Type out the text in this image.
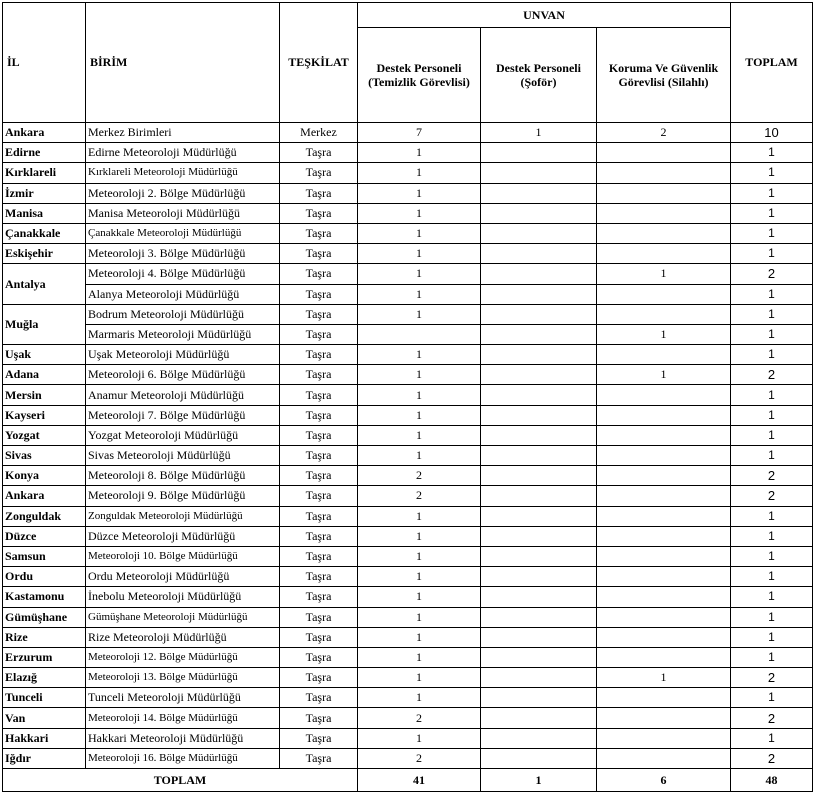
İL	BİRİM	TEŞKİLAT	UNVAN			TOPLAM
			Destek Personeli (Temizlik Görevlisi)	Destek Personeli (Şoför)	Koruma Ve Güvenlik Görevlisi (Silahlı)	
Ankara	Merkez Birimleri	Merkez	7	1	2	10
Edirne	Edirne Meteoroloji Müdürlüğü	Taşra	1			1
Kırklareli	Kırklareli Meteoroloji Müdürlüğü	Taşra	1			1
İzmir	Meteoroloji 2. Bölge Müdürlüğü	Taşra	1			1
Manisa	Manisa Meteoroloji Müdürlüğü	Taşra	1			1
Çanakkale	Çanakkale Meteoroloji Müdürlüğü	Taşra	1			1
Eskişehir	Meteoroloji 3. Bölge Müdürlüğü	Taşra	1			1
Antalya	Meteoroloji 4. Bölge Müdürlüğü	Taşra	1		1	2
	Alanya Meteoroloji Müdürlüğü	Taşra	1			1
Muğla	Bodrum Meteoroloji Müdürlüğü	Taşra	1			1
	Marmaris Meteoroloji Müdürlüğü	Taşra			1	1
Uşak	Uşak Meteoroloji Müdürlüğü	Taşra	1			1
Adana	Meteoroloji 6. Bölge Müdürlüğü	Taşra	1		1	2
Mersin	Anamur Meteoroloji Müdürlüğü	Taşra	1			1
Kayseri	Meteoroloji 7. Bölge Müdürlüğü	Taşra	1			1
Yozgat	Yozgat Meteoroloji Müdürlüğü	Taşra	1			1
Sivas	Sivas Meteoroloji Müdürlüğü	Taşra	1			1
Konya	Meteoroloji 8. Bölge Müdürlüğü	Taşra	2			2
Ankara	Meteoroloji 9. Bölge Müdürlüğü	Taşra	2			2
Zonguldak	Zonguldak Meteoroloji Müdürlüğü	Taşra	1			1
Düzce	Düzce Meteoroloji Müdürlüğü	Taşra	1			1
Samsun	Meteoroloji 10. Bölge Müdürlüğü	Taşra	1			1
Ordu	Ordu Meteoroloji Müdürlüğü	Taşra	1			1
Kastamonu	İnebolu Meteoroloji Müdürlüğü	Taşra	1			1
Gümüşhane	Gümüşhane Meteoroloji Müdürlüğü	Taşra	1			1
Rize	Rize Meteoroloji Müdürlüğü	Taşra	1			1
Erzurum	Meteoroloji 12. Bölge Müdürlüğü	Taşra	1			1
Elazığ	Meteoroloji 13. Bölge Müdürlüğü	Taşra	1		1	2
Tunceli	Tunceli Meteoroloji Müdürlüğü	Taşra	1			1
Van	Meteoroloji 14. Bölge Müdürlüğü	Taşra	2			2
Hakkari	Hakkari Meteoroloji Müdürlüğü	Taşra	1			1
Iğdır	Meteoroloji 16. Bölge Müdürlüğü	Taşra	2			2
TOPLAM			41	1	6	48
